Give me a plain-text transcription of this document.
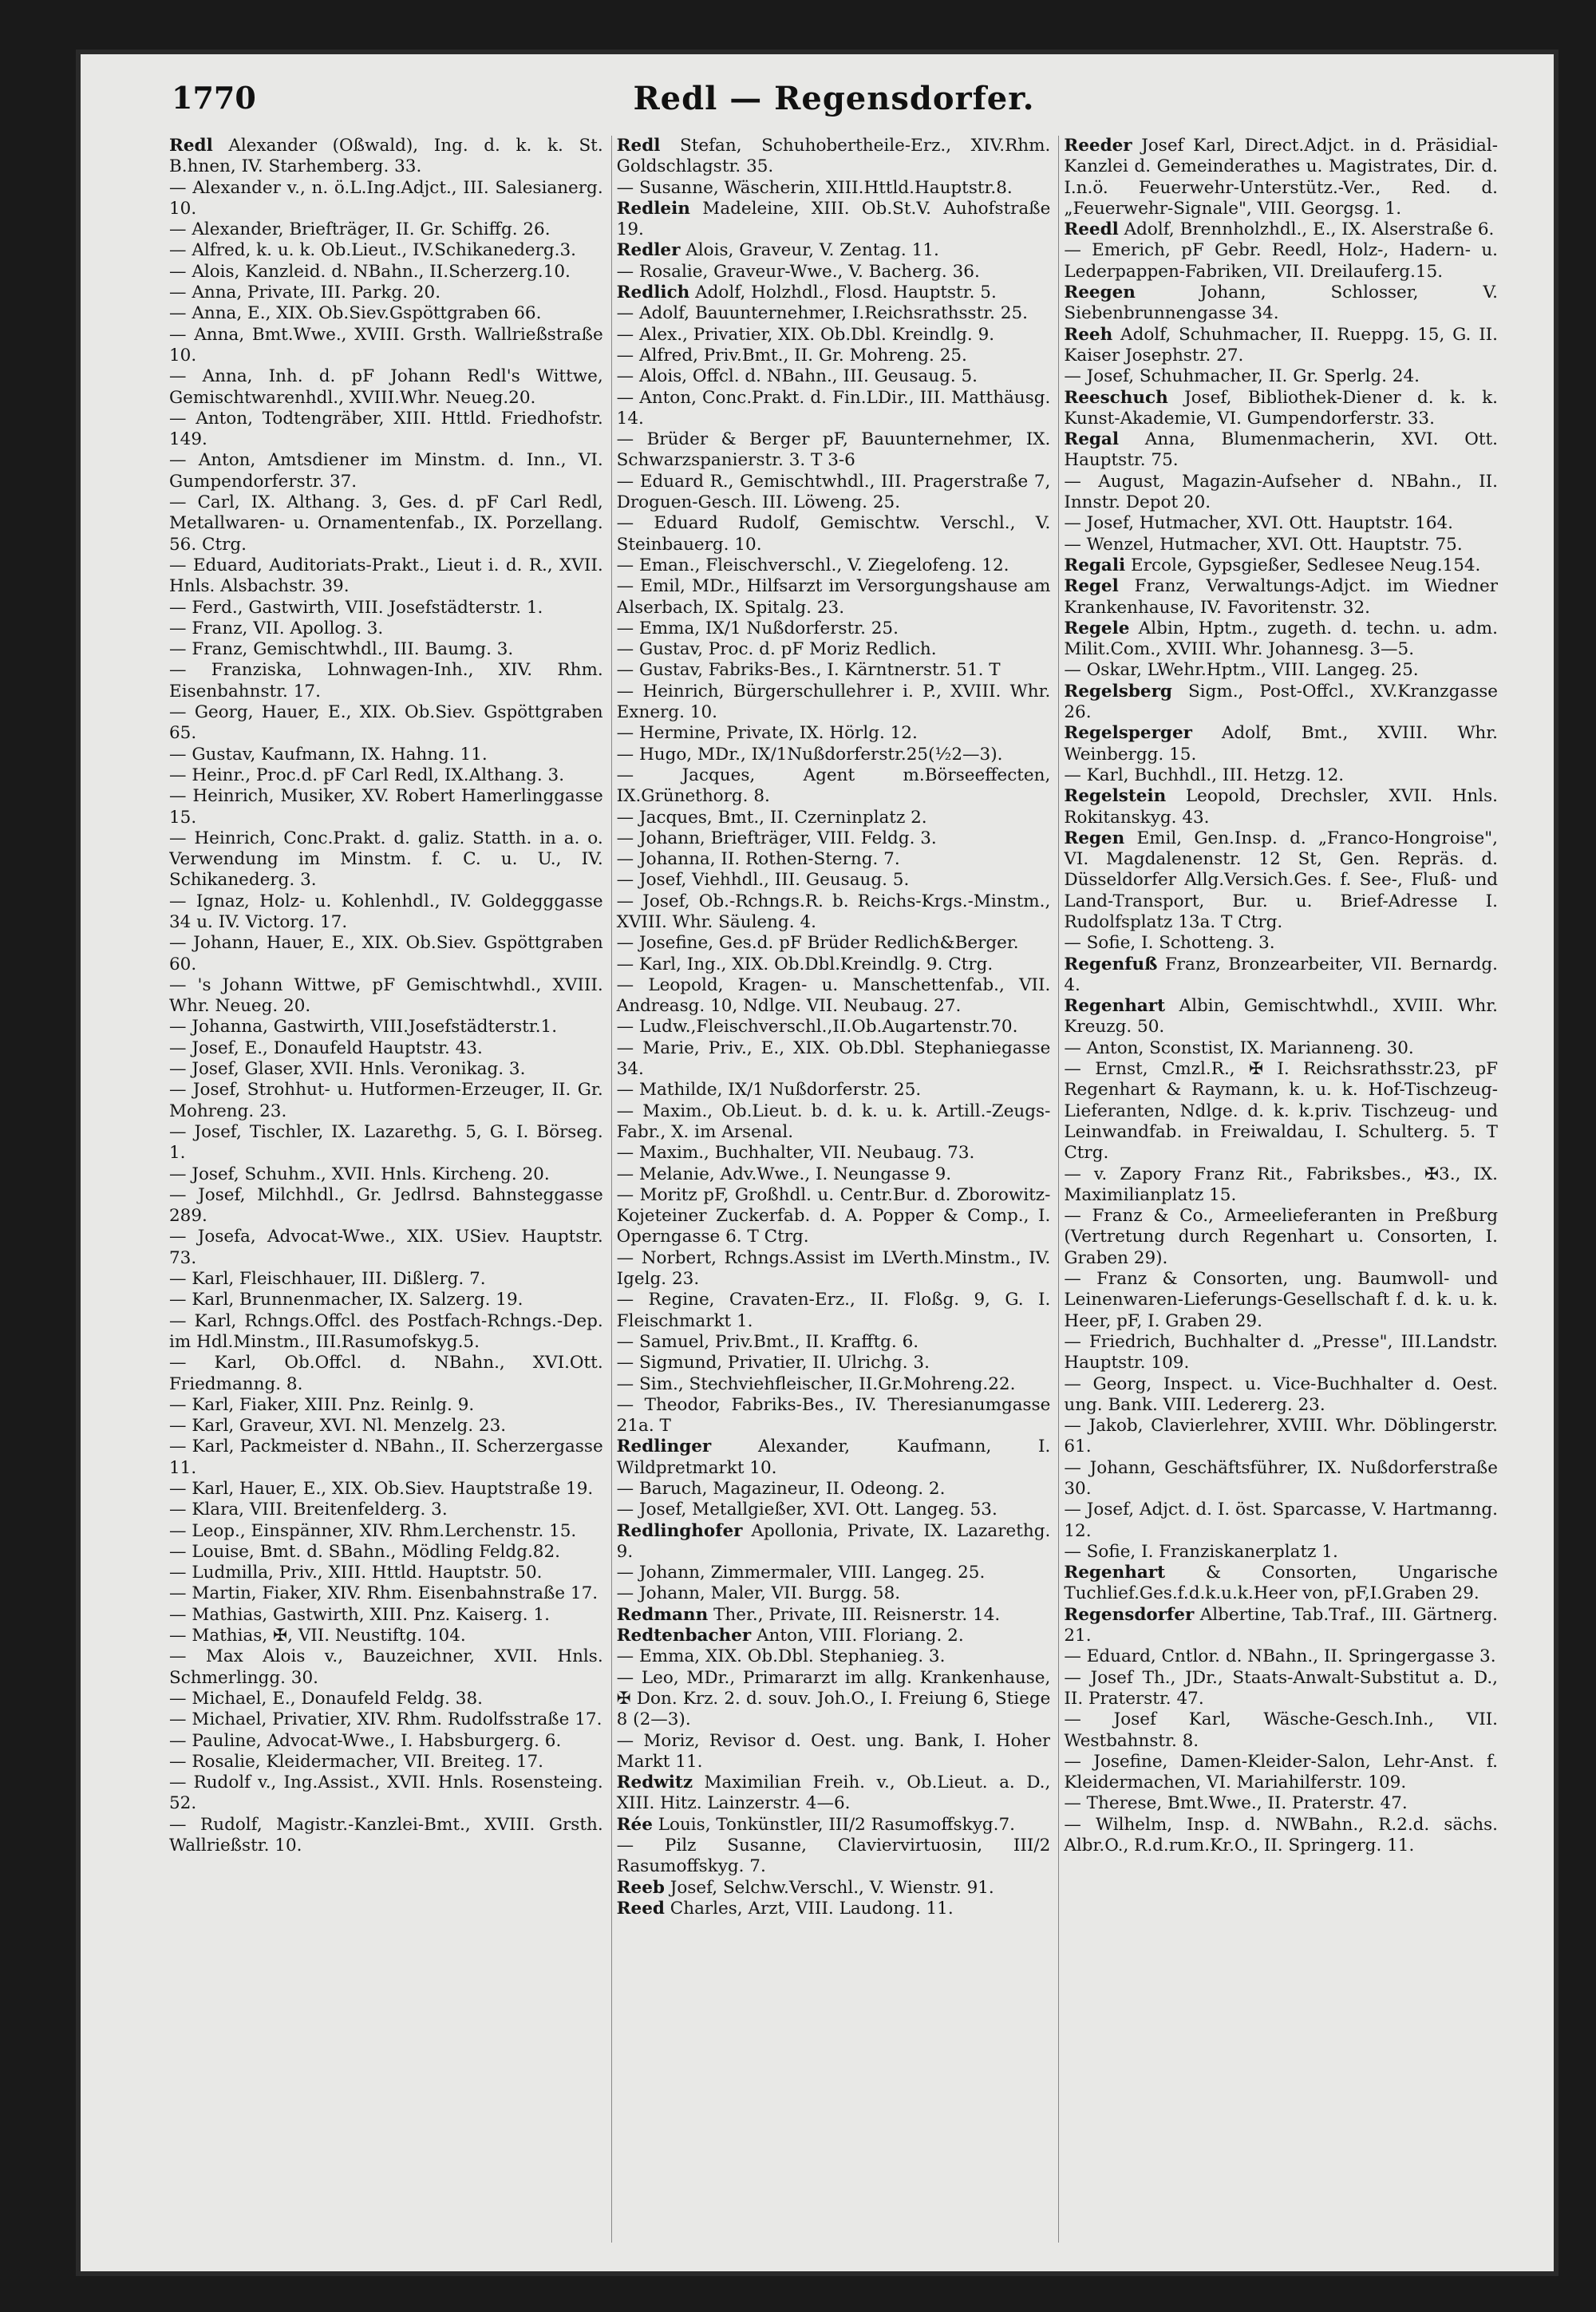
1770	Redl — Regensdorfer.

Redl Alexander (Oßwald), Ing. d. k. k. St. B.hnen, IV. Starhemberg. 33.

— Alexander v., n. ö.L.Ing.Adjct., III. Salesianerg. 10.

— Alexander, Briefträger, II. Gr. Schiffg. 26.

— Alfred, k. u. k. Ob.Lieut., IV.Schikanederg.3.

— Alois, Kanzleid. d. NBahn., II.Scherzerg.10.

— Anna, Private, III. Parkg. 20.

— Anna, E., XIX. Ob.Siev.Gspöttgraben 66.

— Anna, Bmt.Wwe., XVIII. Grsth. Wallrießstraße 10.

— Anna, Inh. d. pF Johann Redl's Wittwe, Gemischtwarenhdl., XVIII.Whr. Neueg.20.

— Anton, Todtengräber, XIII. Httld. Friedhofstr. 149.

— Anton, Amtsdiener im Minstm. d. Inn., VI. Gumpendorferstr. 37.

— Carl, IX. Althang. 3, Ges. d. pF Carl Redl, Metallwaren- u. Ornamentenfab., IX. Porzellang. 56. Ctrg.

— Eduard, Auditoriats-Prakt., Lieut i. d. R., XVII. Hnls. Alsbachstr. 39.

— Ferd., Gastwirth, VIII. Josefstädterstr. 1.

— Franz, VII. Apollog. 3.

— Franz, Gemischtwhdl., III. Baumg. 3.

— Franziska, Lohnwagen-Inh., XIV. Rhm. Eisenbahnstr. 17.

— Georg, Hauer, E., XIX. Ob.Siev. Gspöttgraben 65.

— Gustav, Kaufmann, IX. Hahng. 11.

— Heinr., Proc.d. pF Carl Redl, IX.Althang. 3.

— Heinrich, Musiker, XV. Robert Hamerlinggasse 15.

— Heinrich, Conc.Prakt. d. galiz. Statth. in a. o. Verwendung im Minstm. f. C. u. U., IV. Schikanederg. 3.

— Ignaz, Holz- u. Kohlenhdl., IV. Goldegggasse 34 u. IV. Victorg. 17.

— Johann, Hauer, E., XIX. Ob.Siev. Gspöttgraben 60.

— 's Johann Wittwe, pF Gemischtwhdl., XVIII. Whr. Neueg. 20.

— Johanna, Gastwirth, VIII.Josefstädterstr.1.

— Josef, E., Donaufeld Hauptstr. 43.

— Josef, Glaser, XVII. Hnls. Veronikag. 3.

— Josef, Strohhut- u. Hutformen-Erzeuger, II. Gr. Mohreng. 23.

— Josef, Tischler, IX. Lazarethg. 5, G. I. Börseg. 1.

— Josef, Schuhm., XVII. Hnls. Kircheng. 20.

— Josef, Milchhdl., Gr. Jedlrsd. Bahnsteggasse 289.

— Josefa, Advocat-Wwe., XIX. USiev. Hauptstr. 73.

— Karl, Fleischhauer, III. Dißlerg. 7.

— Karl, Brunnenmacher, IX. Salzerg. 19.

— Karl, Rchngs.Offcl. des Postfach-Rchngs.-Dep. im Hdl.Minstm., III.Rasumofskyg.5.

— Karl, Ob.Offcl. d. NBahn., XVI.Ott. Friedmanng. 8.

— Karl, Fiaker, XIII. Pnz. Reinlg. 9.

— Karl, Graveur, XVI. Nl. Menzelg. 23.

— Karl, Packmeister d. NBahn., II. Scherzergasse 11.

— Karl, Hauer, E., XIX. Ob.Siev. Hauptstraße 19.

— Klara, VIII. Breitenfelderg. 3.

— Leop., Einspänner, XIV. Rhm.Lerchenstr. 15.

— Louise, Bmt. d. SBahn., Mödling Feldg.82.

— Ludmilla, Priv., XIII. Httld. Hauptstr. 50.

— Martin, Fiaker, XIV. Rhm. Eisenbahnstraße 17.

— Mathias, Gastwirth, XIII. Pnz. Kaiserg. 1.

— Mathias, ✠, VII. Neustiftg. 104.

— Max Alois v., Bauzeichner, XVII. Hnls. Schmerlingg. 30.

— Michael, E., Donaufeld Feldg. 38.

— Michael, Privatier, XIV. Rhm. Rudolfsstraße 17.

— Pauline, Advocat-Wwe., I. Habsburgerg. 6.

— Rosalie, Kleidermacher, VII. Breiteg. 17.

— Rudolf v., Ing.Assist., XVII. Hnls. Rosensteing. 52.

— Rudolf, Magistr.-Kanzlei-Bmt., XVIII. Grsth. Wallrießstr. 10.

Redl Stefan, Schuhobertheile-Erz., XIV.Rhm. Goldschlagstr. 35.

— Susanne, Wäscherin, XIII.Httld.Hauptstr.8.

Redlein Madeleine, XIII. Ob.St.V. Auhofstraße 19.

Redler Alois, Graveur, V. Zentag. 11.

— Rosalie, Graveur-Wwe., V. Bacherg. 36.

Redlich Adolf, Holzhdl., Flosd. Hauptstr. 5.

— Adolf, Bauunternehmer, I.Reichsrathsstr. 25.

— Alex., Privatier, XIX. Ob.Dbl. Kreindlg. 9.

— Alfred, Priv.Bmt., II. Gr. Mohreng. 25.

— Alois, Offcl. d. NBahn., III. Geusaug. 5.

— Anton, Conc.Prakt. d. Fin.LDir., III. Matthäusg. 14.

— Brüder & Berger pF, Bauunternehmer, IX. Schwarzspanierstr. 3. T 3-6

— Eduard R., Gemischtwhdl., III. Pragerstraße 7, Droguen-Gesch. III. Löweng. 25.

— Eduard Rudolf, Gemischtw. Verschl., V. Steinbauerg. 10.

— Eman., Fleischverschl., V. Ziegelofeng. 12.

— Emil, MDr., Hilfsarzt im Versorgungshause am Alserbach, IX. Spitalg. 23.

— Emma, IX/1 Nußdorferstr. 25.

— Gustav, Proc. d. pF Moriz Redlich.

— Gustav, Fabriks-Bes., I. Kärntnerstr. 51. T

— Heinrich, Bürgerschullehrer i. P., XVIII. Whr. Exnerg. 10.

— Hermine, Private, IX. Hörlg. 12.

— Hugo, MDr., IX/1Nußdorferstr.25(½2—3).

— Jacques, Agent m.Börseeffecten, IX.Grünethorg. 8.

— Jacques, Bmt., II. Czerninplatz 2.

— Johann, Briefträger, VIII. Feldg. 3.

— Johanna, II. Rothen-Sterng. 7.

— Josef, Viehhdl., III. Geusaug. 5.

— Josef, Ob.-Rchngs.R. b. Reichs-Krgs.-Minstm., XVIII. Whr. Säuleng. 4.

— Josefine, Ges.d. pF Brüder Redlich&Berger.

— Karl, Ing., XIX. Ob.Dbl.Kreindlg. 9. Ctrg.

— Leopold, Kragen- u. Manschettenfab., VII. Andreasg. 10, Ndlge. VII. Neubaug. 27.

— Ludw.,Fleischverschl.,II.Ob.Augartenstr.70.

— Marie, Priv., E., XIX. Ob.Dbl. Stephaniegasse 34.

— Mathilde, IX/1 Nußdorferstr. 25.

— Maxim., Ob.Lieut. b. d. k. u. k. Artill.-Zeugs-Fabr., X. im Arsenal.

— Maxim., Buchhalter, VII. Neubaug. 73.

— Melanie, Adv.Wwe., I. Neungasse 9.

— Moritz pF, Großhdl. u. Centr.Bur. d. Zborowitz-Kojeteiner Zuckerfab. d. A. Popper & Comp., I. Operngasse 6. T Ctrg.

— Norbert, Rchngs.Assist im LVerth.Minstm., IV. Igelg. 23.

— Regine, Cravaten-Erz., II. Floßg. 9, G. I. Fleischmarkt 1.

— Samuel, Priv.Bmt., II. Krafftg. 6.

— Sigmund, Privatier, II. Ulrichg. 3.

— Sim., Stechviehfleischer, II.Gr.Mohreng.22.

— Theodor, Fabriks-Bes., IV. Theresianumgasse 21a. T

Redlinger Alexander, Kaufmann, I. Wildpretmarkt 10.

— Baruch, Magazineur, II. Odeong. 2.

— Josef, Metallgießer, XVI. Ott. Langeg. 53.

Redlinghofer Apollonia, Private, IX. Lazarethg. 9.

— Johann, Zimmermaler, VIII. Langeg. 25.

— Johann, Maler, VII. Burgg. 58.

Redmann Ther., Private, III. Reisnerstr. 14.

Redtenbacher Anton, VIII. Floriang. 2.

— Emma, XIX. Ob.Dbl. Stephanieg. 3.

— Leo, MDr., Primararzt im allg. Krankenhause, ✠ Don. Krz. 2. d. souv. Joh.O., I. Freiung 6, Stiege 8 (2—3).

— Moriz, Revisor d. Oest. ung. Bank, I. Hoher Markt 11.

Redwitz Maximilian Freih. v., Ob.Lieut. a. D., XIII. Hitz. Lainzerstr. 4—6.

Rée Louis, Tonkünstler, III/2 Rasumoffskyg.7.

— Pilz Susanne, Claviervirtuosin, III/2 Rasumoffskyg. 7.

Reeb Josef, Selchw.Verschl., V. Wienstr. 91.

Reed Charles, Arzt, VIII. Laudong. 11.

Reeder Josef Karl, Direct.Adjct. in d. Präsidial-Kanzlei d. Gemeinderathes u. Magistrates, Dir. d. I.n.ö. Feuerwehr-Unterstütz.-Ver., Red. d. „Feuerwehr-Signale", VIII. Georgsg. 1.

Reedl Adolf, Brennholzhdl., E., IX. Alserstraße 6.

— Emerich, pF Gebr. Reedl, Holz-, Hadern- u. Lederpappen-Fabriken, VII. Dreilauferg.15.

Reegen Johann, Schlosser, V. Siebenbrunnengasse 34.

Reeh Adolf, Schuhmacher, II. Rueppg. 15, G. II. Kaiser Josephstr. 27.

— Josef, Schuhmacher, II. Gr. Sperlg. 24.

Reeschuch Josef, Bibliothek-Diener d. k. k. Kunst-Akademie, VI. Gumpendorferstr. 33.

Regal Anna, Blumenmacherin, XVI. Ott. Hauptstr. 75.

— August, Magazin-Aufseher d. NBahn., II. Innstr. Depot 20.

— Josef, Hutmacher, XVI. Ott. Hauptstr. 164.

— Wenzel, Hutmacher, XVI. Ott. Hauptstr. 75.

Regali Ercole, Gypsgießer, Sedlesee Neug.154.

Regel Franz, Verwaltungs-Adjct. im Wiedner Krankenhause, IV. Favoritenstr. 32.

Regele Albin, Hptm., zugeth. d. techn. u. adm. Milit.Com., XVIII. Whr. Johannesg. 3—5.

— Oskar, LWehr.Hptm., VIII. Langeg. 25.

Regelsberg Sigm., Post-Offcl., XV.Kranzgasse 26.

Regelsperger Adolf, Bmt., XVIII. Whr. Weinbergg. 15.

— Karl, Buchhdl., III. Hetzg. 12.

Regelstein Leopold, Drechsler, XVII. Hnls. Rokitanskyg. 43.

Regen Emil, Gen.Insp. d. „Franco-Hongroise", VI. Magdalenenstr. 12 St, Gen. Repräs. d. Düsseldorfer Allg.Versich.Ges. f. See-, Fluß- und Land-Transport, Bur. u. Brief-Adresse I. Rudolfsplatz 13a. T Ctrg.

— Sofie, I. Schotteng. 3.

Regenfuß Franz, Bronzearbeiter, VII. Bernardg. 4.

Regenhart Albin, Gemischtwhdl., XVIII. Whr. Kreuzg. 50.

— Anton, Sconstist, IX. Marianneng. 30.

— Ernst, Cmzl.R., ✠ I. Reichsrathsstr.23, pF Regenhart & Raymann, k. u. k. Hof-Tischzeug-Lieferanten, Ndlge. d. k. k.priv. Tischzeug- und Leinwandfab. in Freiwaldau, I. Schulterg. 5. T Ctrg.

— v. Zapory Franz Rit., Fabriksbes., ✠3., IX. Maximilianplatz 15.

— Franz & Co., Armeelieferanten in Preßburg (Vertretung durch Regenhart u. Consorten, I. Graben 29).

— Franz & Consorten, ung. Baumwoll- und Leinenwaren-Lieferungs-Gesellschaft f. d. k. u. k. Heer, pF, I. Graben 29.

— Friedrich, Buchhalter d. „Presse", III.Landstr. Hauptstr. 109.

— Georg, Inspect. u. Vice-Buchhalter d. Oest. ung. Bank. VIII. Ledererg. 23.

— Jakob, Clavierlehrer, XVIII. Whr. Döblingerstr. 61.

— Johann, Geschäftsführer, IX. Nußdorferstraße 30.

— Josef, Adjct. d. I. öst. Sparcasse, V. Hartmanng. 12.

— Sofie, I. Franziskanerplatz 1.

Regenhart & Consorten, Ungarische Tuchlief.Ges.f.d.k.u.k.Heer von, pF,I.Graben 29.

Regensdorfer Albertine, Tab.Traf., III. Gärtnerg. 21.

— Eduard, Cntlor. d. NBahn., II. Springergasse 3.

— Josef Th., JDr., Staats-Anwalt-Substitut a. D., II. Praterstr. 47.

— Josef Karl, Wäsche-Gesch.Inh., VII. Westbahnstr. 8.

— Josefine, Damen-Kleider-Salon, Lehr-Anst. f. Kleidermachen, VI. Mariahilferstr. 109.

— Therese, Bmt.Wwe., II. Praterstr. 47.

— Wilhelm, Insp. d. NWBahn., R.2.d. sächs. Albr.O., R.d.rum.Kr.O., II. Springerg. 11.
